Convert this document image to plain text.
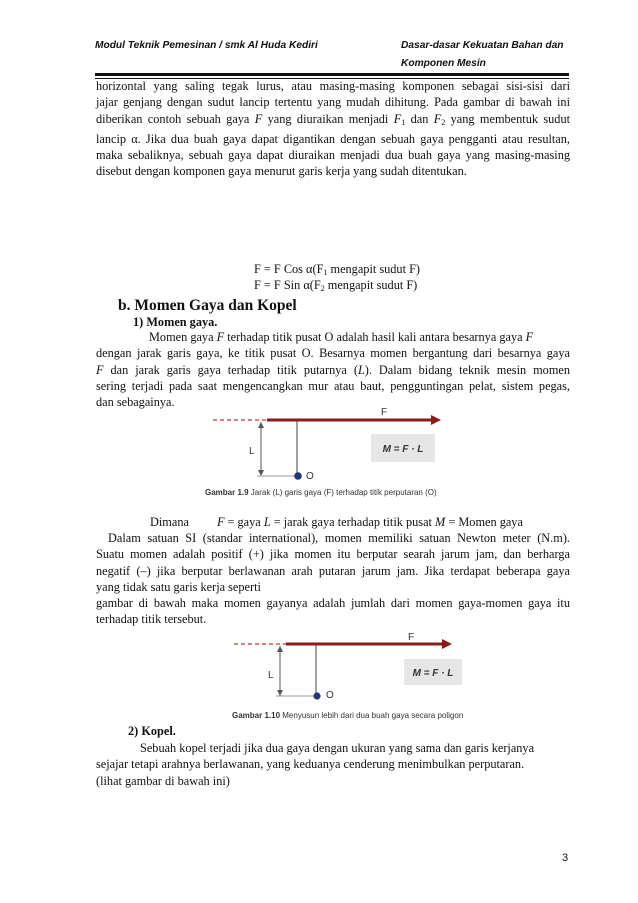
Modul Teknik Pemesinan / smk Al Huda Kediri	Dasar-dasar Kekuatan Bahan dan
Komponen Mesin

horizontal yang saling tegak lurus, atau masing-masing komponen sebagai sisi-sisi dari

jajar genjang dengan sudut lancip tertentu yang mudah dihitung. Pada gambar di bawah ini

diberikan contoh sebuah gaya F yang diuraikan menjadi $F_1$ dan $F_2$ yang membentuk sudut

lancip α. Jika dua buah gaya dapat digantikan dengan sebuah gaya pengganti atau resultan,

maka sebaliknya, sebuah gaya dapat diuraikan menjadi dua buah gaya yang masing-masing

disebut dengan komponen gaya menurut garis kerja yang sudah ditentukan.

F = F Cos $\alpha(F_1$ mengapit sudut F)
F = F Sin $\alpha(F_2$ mengapit sudut F)
b. Momen Gaya dan Kopel
1) Momen gaya.

Momen gaya F terhadap titik pusat O adalah hasil kali antara besarnya gaya F

dengan jarak garis gaya, ke titik pusat O. Besarnya momen bergantung dari besarnya gaya

F dan jarak garis gaya terhadap titik putarnya (L). Dalam bidang teknik mesin momen

sering terjadi pada saat mengencangkan mur atau baut, pengguntingan pelat, sistem pegas,

dan sebagainya.

F
L
O
M = F · L
Gambar 1.9 Jarak (L) garis gaya (F) terhadap titik perputaran (O)
Dimana F = gaya L = jarak gaya terhadap titik pusat M = Momen gaya

Dalam satuan SI (standar international), momen memiliki satuan Newton meter (N.m).

Suatu momen adalah positif (+) jika momen itu berputar searah jarum jam, dan berharga

negatif (–) jika berputar berlawanan arah putaran jarum jam. Jika terdapat beberapa gaya

yang tidak satu garis kerja seperti

gambar di bawah maka momen gayanya adalah jumlah dari momen gaya-momen gaya itu

terhadap titik tersebut.

F
L
O
M = F · L
Gambar 1.10 Menyusun lebih dari dua buah gaya secara poligon
2) Kopel.

Sebuah kopel terjadi jika dua gaya dengan ukuran yang sama dan garis kerjanya

sejajar tetapi arahnya berlawanan, yang keduanya cenderung menimbulkan perputaran.

(lihat gambar di bawah ini)

3
